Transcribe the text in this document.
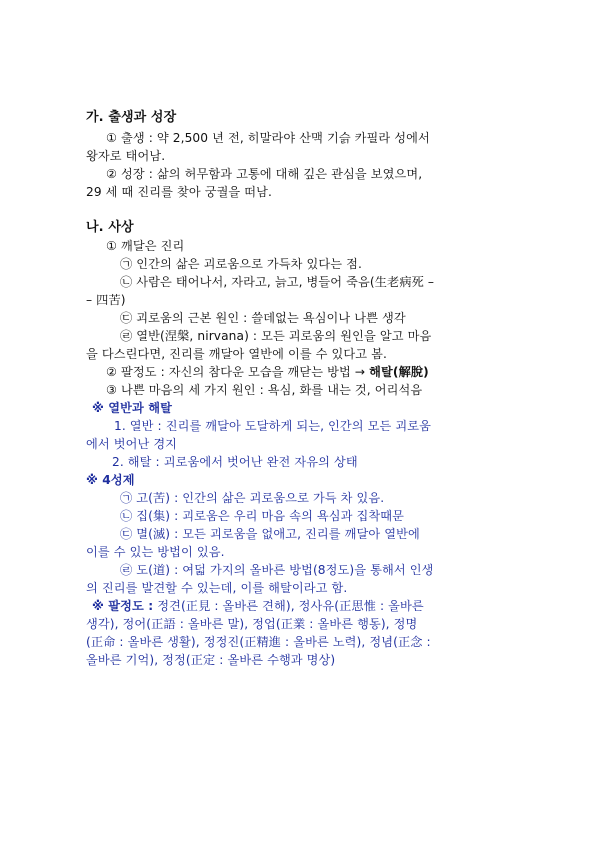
가. 출생과 성장
① 출생 : 약 2,500 년 전, 히말라야 산맥 기슭 카필라 성에서
왕자로 태어남.
② 성장 : 삶의 허무함과 고통에 대해 깊은 관심을 보였으며,
29 세 때 진리를 찾아 궁궐을 떠남.
나. 사상
① 깨달은 진리
㉠ 인간의 삶은 괴로움으로 가득차 있다는 점.
㉡ 사람은 태어나서, 자라고, 늙고, 병들어 죽음(生老病死 –
– 四苦)
㉢ 괴로움의 근본 원인 : 쓸데없는 욕심이나 나쁜 생각
㉣ 열반(涅槃, nirvana) : 모든 괴로움의 원인을 알고 마음
을 다스린다면, 진리를 깨달아 열반에 이를 수 있다고 봄.
② 팔정도 : 자신의 참다운 모습을 깨닫는 방법 → 해탈(解脫)
③ 나쁜 마음의 세 가지 원인 : 욕심, 화를 내는 것, 어리석음
※ 열반과 해탈
1. 열반 : 진리를 깨달아 도달하게 되는, 인간의 모든 괴로움
에서 벗어난 경지
2. 해탈 : 괴로움에서 벗어난 완전 자유의 상태
※ 4성제
㉠ 고(苦) : 인간의 삶은 괴로움으로 가득 차 있음.
㉡ 집(集) : 괴로움은 우리 마음 속의 욕심과 집착때문
㉢ 멸(滅) : 모든 괴로움을 없애고, 진리를 깨달아 열반에
이를 수 있는 방법이 있음.
㉣ 도(道) : 여덟 가지의 올바른 방법(8정도)을 통해서 인생
의 진리를 발견할 수 있는데, 이를 해탈이라고 함.
※ 팔정도 : 정견(正見 : 올바른 견해), 정사유(正思惟 : 올바른
생각), 정어(正語 : 올바른 말), 정업(正業 : 올바른 행동), 정명
(正命 : 올바른 생활), 정정진(正精進 : 올바른 노력), 정념(正念 :
올바른 기억), 정정(正定 : 올바른 수행과 명상)
